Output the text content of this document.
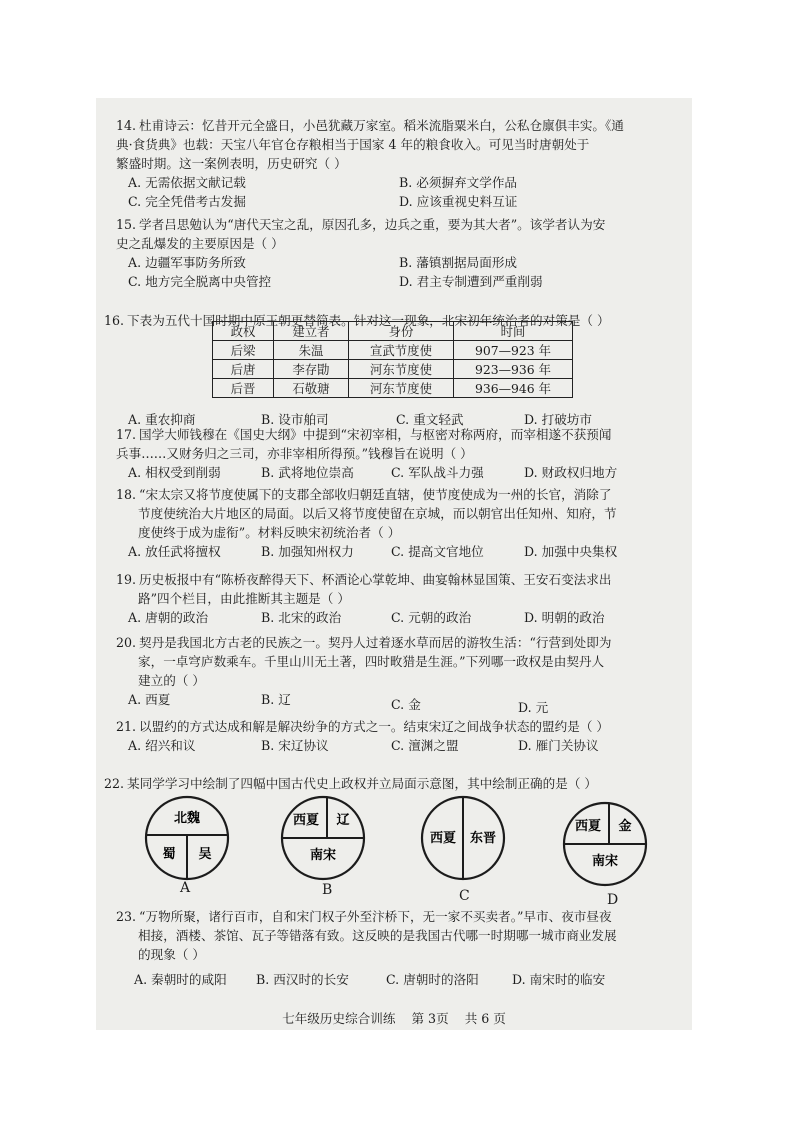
14. 杜甫诗云：忆昔开元全盛日，小邑犹藏万家室。稻米流脂粟米白，公私仓廪俱丰实。《通
典·食货典》也载：天宝八年官仓存粮相当于国家 4 年的粮食收入。可见当时唐朝处于
繁盛时期。这一案例表明，历史研究（ ）
A. 无需依据文献记载	B. 必须摒弃文学作品
C. 完全凭借考古发掘	D. 应该重视史料互证
15. 学者吕思勉认为“唐代天宝之乱，原因孔多，边兵之重，要为其大者”。该学者认为安
史之乱爆发的主要原因是（ ）
A. 边疆军事防务所致	B. 藩镇割据局面形成
C. 地方完全脱离中央管控	D. 君主专制遭到严重削弱
16. 下表为五代十国时期中原王朝更替简表。针对这一现象，北宋初年统治者的对策是（ ）
政权	建立者	身份	时间
后梁	朱温	宣武节度使	907—923 年
后唐	李存勖	河东节度使	923—936 年
后晋	石敬瑭	河东节度使	936—946 年
A. 重农抑商	B. 设市舶司	C. 重文轻武	D. 打破坊市
17. 国学大师钱穆在《国史大纲》中提到“宋初宰相，与枢密对称两府，而宰相遂不获预闻
兵事……又财务归之三司，亦非宰相所得预。”钱穆旨在说明（ ）
A. 相权受到削弱	B. 武将地位崇高	C. 军队战斗力强	D. 财政权归地方
18. “宋太宗又将节度使属下的支郡全部收归朝廷直辖，使节度使成为一州的长官，消除了
节度使统治大片地区的局面。以后又将节度使留在京城，而以朝官出任知州、知府，节
度使终于成为虚衔”。材料反映宋初统治者（ ）
A. 放任武将擅权	B. 加强知州权力	C. 提高文官地位	D. 加强中央集权
19. 历史板报中有“陈桥夜醉得天下、杯酒论心掌乾坤、曲宴翰林显国策、王安石变法求出
路”四个栏目，由此推断其主题是（ ）
A. 唐朝的政治	B. 北宋的政治	C. 元朝的政治	D. 明朝的政治
20. 契丹是我国北方古老的民族之一。契丹人过着逐水草而居的游牧生活：“行营到处即为
家，一卓穹庐数乘车。千里山川无土著，四时畋猎是生涯。”下列哪一政权是由契丹人
建立的（ ）
A. 西夏	B. 辽	C. 金	D. 元
21. 以盟约的方式达成和解是解决纷争的方式之一。结束宋辽之间战争状态的盟约是（ ）
A. 绍兴和议	B. 宋辽协议	C. 澶渊之盟	D. 雁门关协议
22. 某同学学习中绘制了四幅中国古代史上政权并立局面示意图，其中绘制正确的是（ ）
北魏
蜀 吴
A
西夏 辽
南宋
B
西夏 东晋
C
西夏 金
南宋
D
23. “万物所聚，诸行百市，自和宋门权子外至汴桥下，无一家不买卖者。”早市、夜市昼夜
相接，酒楼、茶馆、瓦子等错落有致。这反映的是我国古代哪一时期哪一城市商业发展
的现象（ ）
A. 秦朝时的咸阳 B. 西汉时的长安	C. 唐朝时的洛阳	D. 南宋时的临安
七年级历史综合训练 第 3页 共 6 页
